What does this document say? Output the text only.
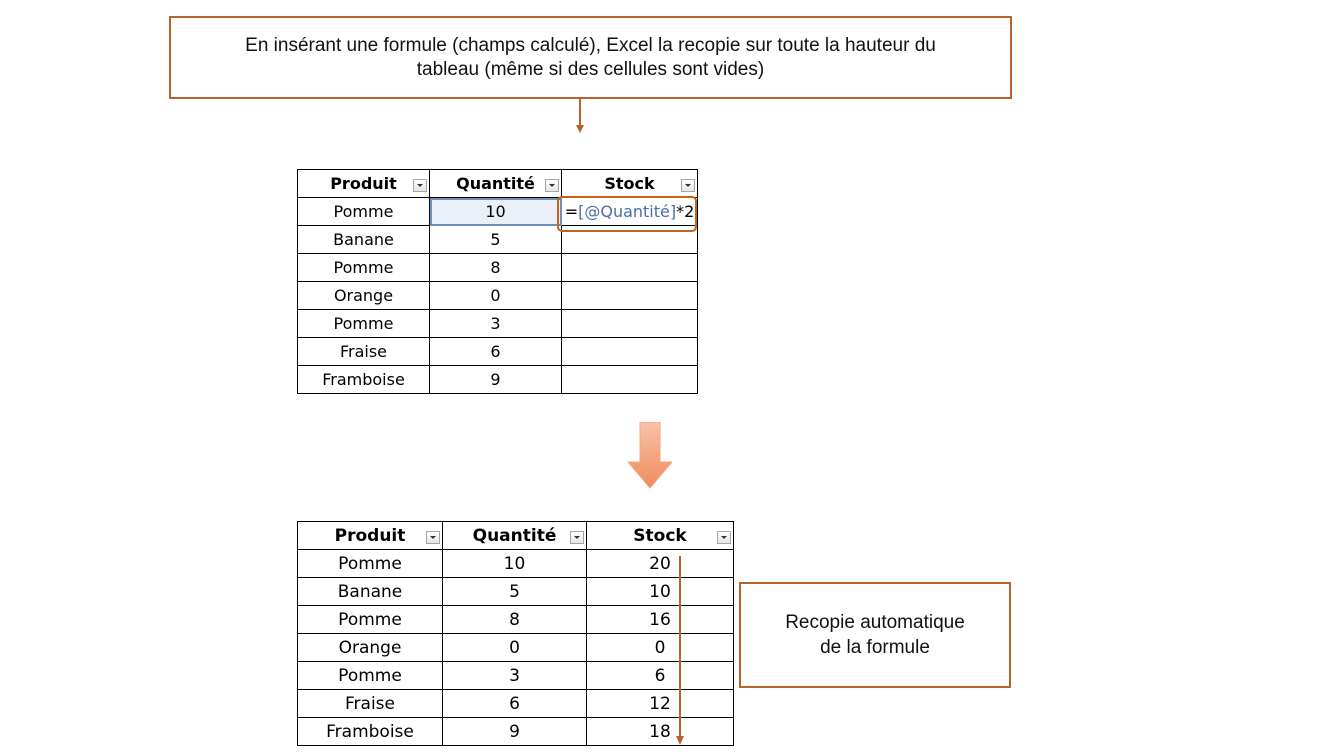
En insérant une formule (champs calculé), Excel la recopie sur toute la hauteur du
tableau (même si des cellules sont vides)
Produit	Quantité	Stock

Pomme	10	=[@Quantité]*2
Banane	5	
Pomme	8	
Orange	0	
Pomme	3	
Fraise	6	
Framboise	9	
Produit	Quantité	Stock

Pomme	10	20
Banane	5	10
Pomme	8	16
Orange	0	0
Pomme	3	6
Fraise	6	12
Framboise	9	18
Recopie automatique
de la formule
